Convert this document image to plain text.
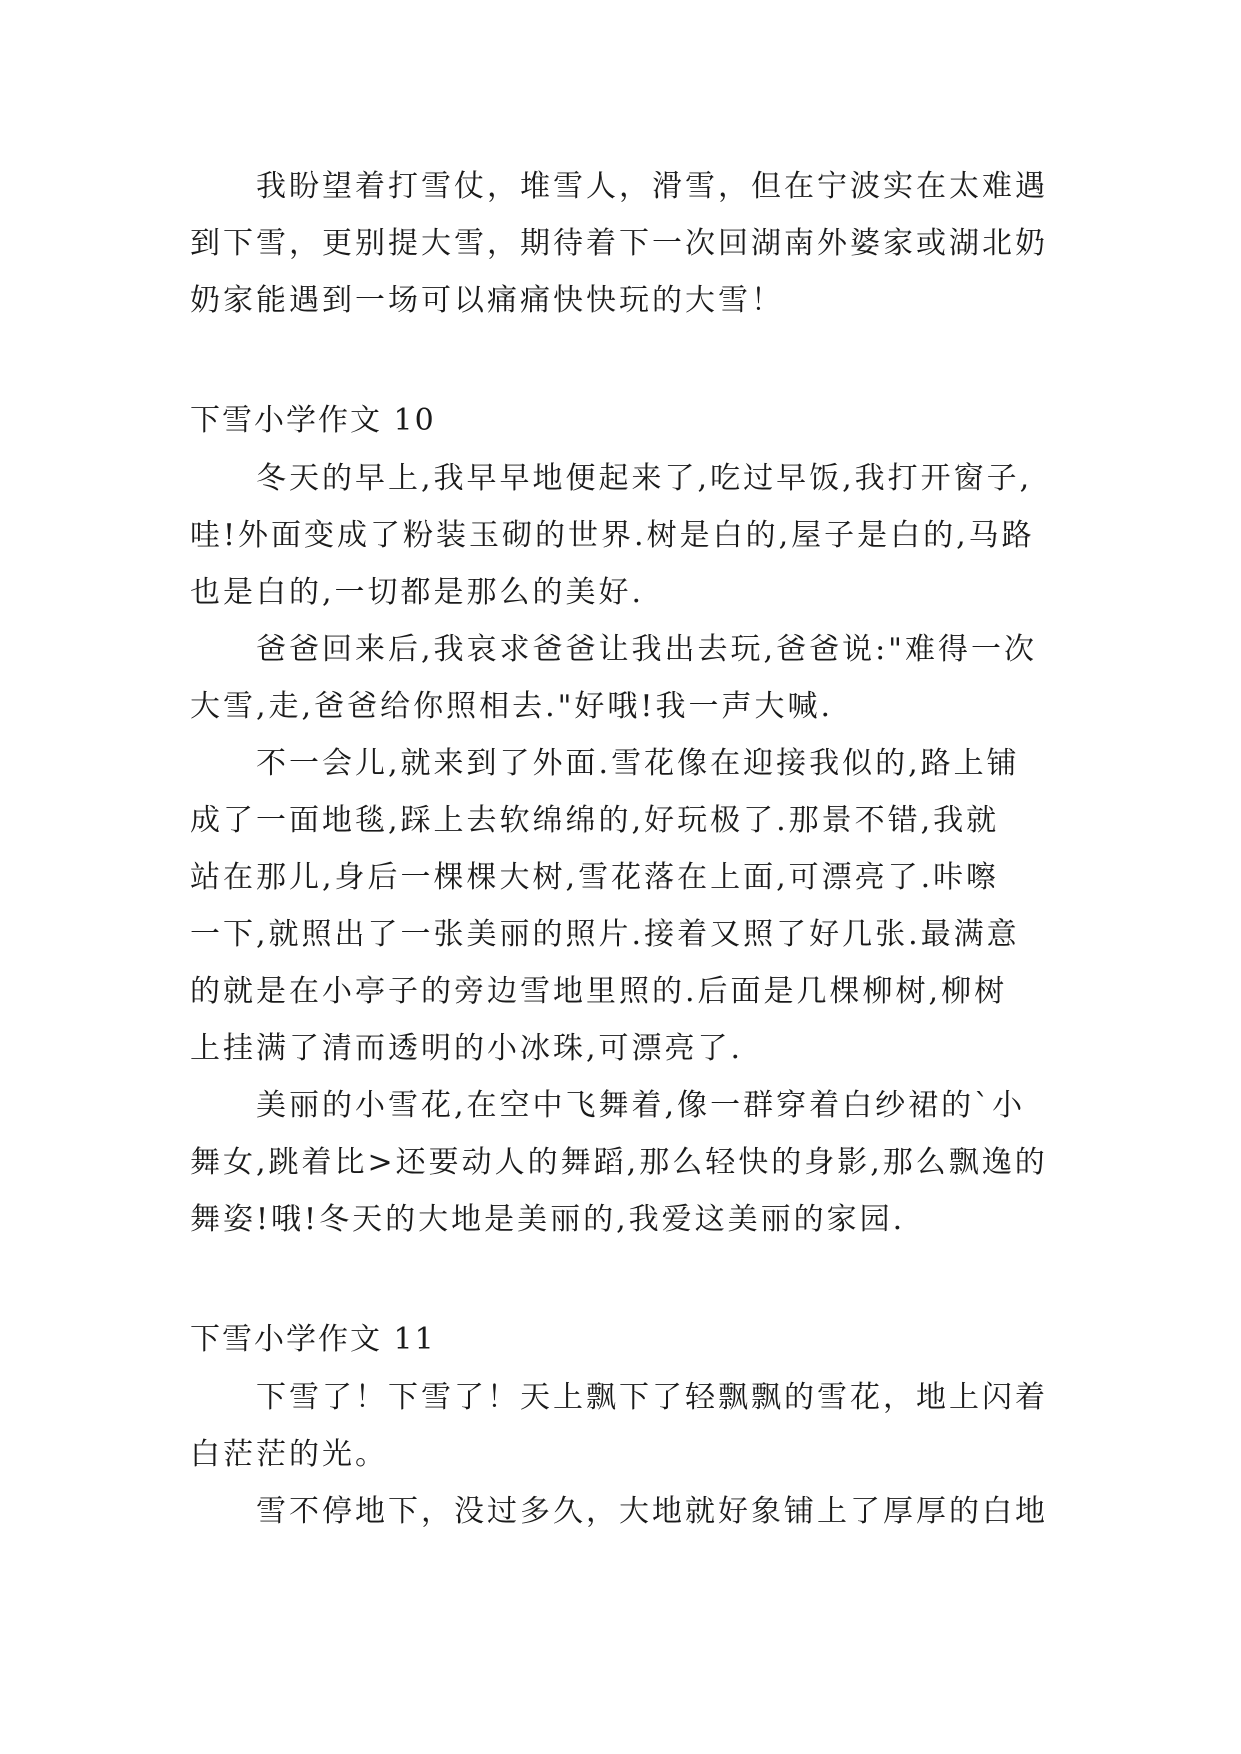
我盼望着打雪仗，堆雪人，滑雪，但在宁波实在太难遇
到下雪，更别提大雪，期待着下一次回湖南外婆家或湖北奶
奶家能遇到一场可以痛痛快快玩的大雪！
下雪小学作文 10
冬天的早上,我早早地便起来了,吃过早饭,我打开窗子,
哇!外面变成了粉装玉砌的世界.树是白的,屋子是白的,马路
也是白的,一切都是那么的美好.
爸爸回来后,我哀求爸爸让我出去玩,爸爸说:"难得一次
大雪,走,爸爸给你照相去."好哦!我一声大喊.
不一会儿,就来到了外面.雪花像在迎接我似的,路上铺
成了一面地毯,踩上去软绵绵的,好玩极了.那景不错,我就
站在那儿,身后一棵棵大树,雪花落在上面,可漂亮了.咔嚓
一下,就照出了一张美丽的照片.接着又照了好几张.最满意
的就是在小亭子的旁边雪地里照的.后面是几棵柳树,柳树
上挂满了清而透明的小冰珠,可漂亮了.
美丽的小雪花,在空中飞舞着,像一群穿着白纱裙的`小
舞女,跳着比>还要动人的舞蹈,那么轻快的身影,那么飘逸的
舞姿!哦!冬天的大地是美丽的,我爱这美丽的家园.
下雪小学作文 11
下雪了！下雪了！天上飘下了轻飘飘的雪花，地上闪着
白茫茫的光。
雪不停地下，没过多久，大地就好象铺上了厚厚的白地
